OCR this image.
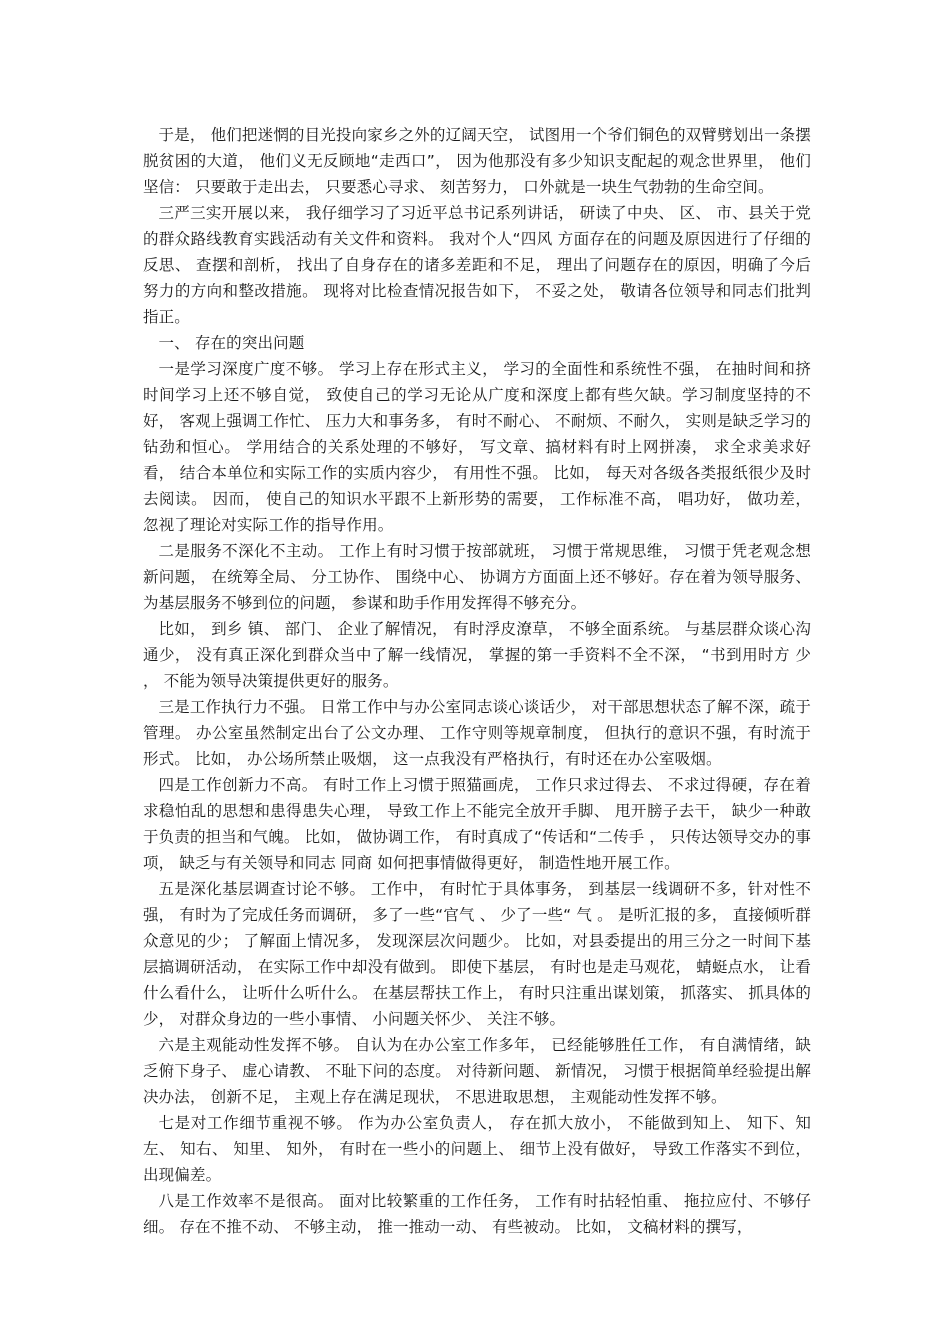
于是， 他们把迷惘的目光投向家乡之外的辽阔天空， 试图用一个爷们铜色的双臂劈划出一条摆脱贫困的大道， 他们义无反顾地“走西口”， 因为他那没有多少知识支配起的观念世界里， 他们坚信： 只要敢于走出去， 只要悉心寻求、 刻苦努力， 口外就是一块生气勃勃的生命空间。

三严三实开展以来， 我仔细学习了习近平总书记系列讲话， 研读了中央、 区、 市、县关于党的群众路线教育实践活动有关文件和资料。 我对个人“四风 方面存在的问题及原因进行了仔细的反思、 查摆和剖析， 找出了自身存在的诸多差距和不足， 理出了问题存在的原因，明确了今后努力的方向和整改措施。 现将对比检查情况报告如下， 不妥之处， 敬请各位领导和同志们批判指正。

一、 存在的突出问题

一是学习深度广度不够。 学习上存在形式主义， 学习的全面性和系统性不强， 在抽时间和挤时间学习上还不够自觉， 致使自己的学习无论从广度和深度上都有些欠缺。学习制度坚持的不好， 客观上强调工作忙、 压力大和事务多， 有时不耐心、 不耐烦、不耐久， 实则是缺乏学习的钻劲和恒心。 学用结合的关系处理的不够好， 写文章、搞材料有时上网拼凑， 求全求美求好看， 结合本单位和实际工作的实质内容少， 有用性不强。 比如， 每天对各级各类报纸很少及时去阅读。 因而， 使自己的知识水平跟不上新形势的需要， 工作标准不高， 唱功好， 做功差， 忽视了理论对实际工作的指导作用。

二是服务不深化不主动。 工作上有时习惯于按部就班， 习惯于常规思维， 习惯于凭老观念想新问题， 在统筹全局、 分工协作、 围绕中心、 协调方方面面上还不够好。存在着为领导服务、 为基层服务不够到位的问题， 参谋和助手作用发挥得不够充分。

比如， 到乡 镇、 部门、 企业了解情况， 有时浮皮潦草， 不够全面系统。 与基层群众谈心沟通少， 没有真正深化到群众当中了解一线情况， 掌握的第一手资料不全不深， “书到用时方 少 ， 不能为领导决策提供更好的服务。

三是工作执行力不强。 日常工作中与办公室同志谈心谈话少， 对干部思想状态了解不深，疏于管理。 办公室虽然制定出台了公文办理、 工作守则等规章制度， 但执行的意识不强，有时流于形式。 比如， 办公场所禁止吸烟， 这一点我没有严格执行，有时还在办公室吸烟。

四是工作创新力不高。 有时工作上习惯于照猫画虎， 工作只求过得去、 不求过得硬，存在着求稳怕乱的思想和患得患失心理， 导致工作上不能完全放开手脚、 甩开膀子去干， 缺少一种敢于负责的担当和气魄。 比如， 做协调工作， 有时真成了“传话和“二传手 ， 只传达领导交办的事项， 缺乏与有关领导和同志 同商 如何把事情做得更好， 制造性地开展工作。

五是深化基层调查讨论不够。 工作中， 有时忙于具体事务， 到基层一线调研不多，针对性不强， 有时为了完成任务而调研， 多了一些“官气 、 少了一些“ 气 。 是听汇报的多， 直接倾听群众意见的少； 了解面上情况多， 发现深层次问题少。 比如，对县委提出的用三分之一时间下基层搞调研活动， 在实际工作中却没有做到。 即使下基层， 有时也是走马观花， 蜻蜓点水， 让看什么看什么， 让听什么听什么。 在基层帮扶工作上， 有时只注重出谋划策， 抓落实、 抓具体的少， 对群众身边的一些小事情、 小问题关怀少、 关注不够。

六是主观能动性发挥不够。 自认为在办公室工作多年， 已经能够胜任工作， 有自满情绪，缺乏俯下身子、 虚心请教、 不耻下问的态度。 对待新问题、 新情况， 习惯于根据简单经验提出解决办法， 创新不足， 主观上存在满足现状， 不思进取思想， 主观能动性发挥不够。

七是对工作细节重视不够。 作为办公室负责人， 存在抓大放小， 不能做到知上、 知下、知左、 知右、 知里、 知外， 有时在一些小的问题上、 细节上没有做好， 导致工作落实不到位， 出现偏差。

八是工作效率不是很高。 面对比较繁重的工作任务， 工作有时拈轻怕重、 拖拉应付、不够仔细。 存在不推不动、 不够主动， 推一推动一动、 有些被动。 比如， 文稿材料的撰写，
